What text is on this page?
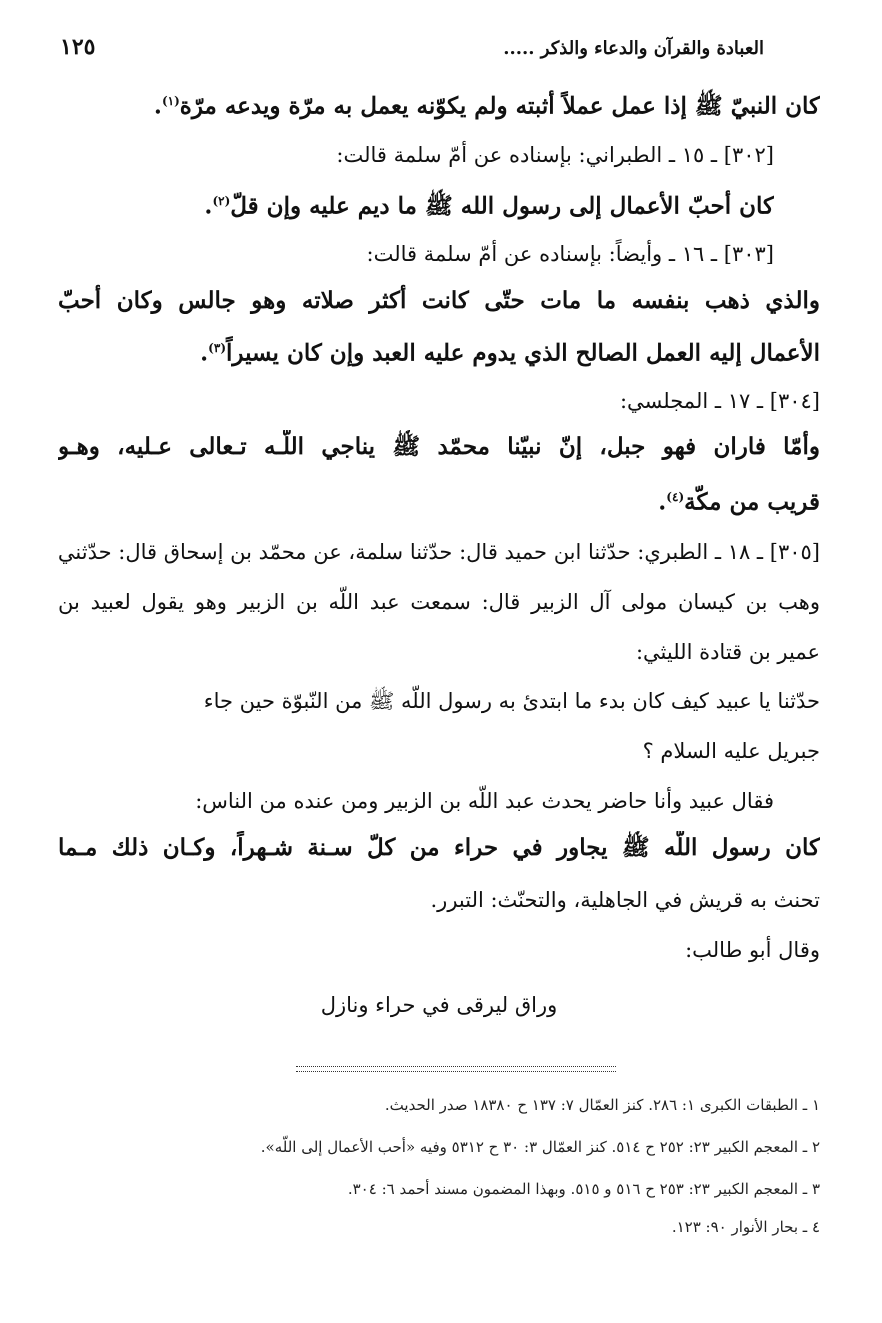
١٢٥	العبادة والقرآن والدعاء والذكر .....
كان النبيّ ﷺ إذا عمل عملاً أثبته ولم يكوّنه يعمل به مرّة ويدعه مرّة$^{(١)}$.
[٣٠٢] ـ ١٥ ـ الطبراني: بإسناده عن أمّ سلمة قالت:
كان أحبّ الأعمال إلى رسول الله ﷺ ما ديم عليه وإن قلّ$^{(٢)}$.
[٣٠٣] ـ ١٦ ـ وأيضاً: بإسناده عن أمّ سلمة قالت:
والذي ذهب بنفسه ما مات حتّى كانت أكثر صلاته وهو جالس وكان أحبّ
الأعمال إليه العمل الصالح الذي يدوم عليه العبد وإن كان يسيراً$^{(٣)}$.
[٣٠٤] ـ ١٧ ـ المجلسي:
وأمّا فاران فهو جبل، إنّ نبيّنا محمّد ﷺ يناجي اللّـه تـعالى عـليه، وهـو
قريب من مكّة$^{(٤)}$.
[٣٠٥] ـ ١٨ ـ الطبري: حدّثنا ابن حميد قال: حدّثنا سلمة، عن محمّد بن إسحاق قال: حدّثني
وهب بن كيسان مولى آل الزبير قال: سمعت عبد اللّه بن الزبير وهو يقول لعبيد بن
عمير بن قتادة الليثي:
حدّثنا يا عبيد كيف كان بدء ما ابتدئ به رسول اللّه ﷺ من النّبوّة حين جاء
جبريل عليه السلام ؟
فقال عبيد وأنا حاضر يحدث عبد اللّه بن الزبير ومن عنده من الناس:
كان رسول اللّه ﷺ يجاور في حراء من كلّ سـنة شـهراً، وكـان ذلك مـما
تحنث به قريش في الجاهلية، والتحنّث: التبرر.
وقال أبو طالب:
وراق ليرقى في حراء ونازل
١ ـ الطبقات الكبرى ١: ٢٨٦. كنز العمّال ٧: ١٣٧ ح ١٨٣٨٠ صدر الحديث.
٢ ـ المعجم الكبير ٢٣: ٢٥٢ ح ٥١٤. كنز العمّال ٣: ٣٠ ح ٥٣١٢ وفيه «أحب الأعمال إلى اللّه».
٣ ـ المعجم الكبير ٢٣: ٢٥٣ ح ٥١٦ و ٥١٥. وبهذا المضمون مسند أحمد ٦: ٣٠٤.
٤ ـ بحار الأنوار ٩٠: ١٢٣.
